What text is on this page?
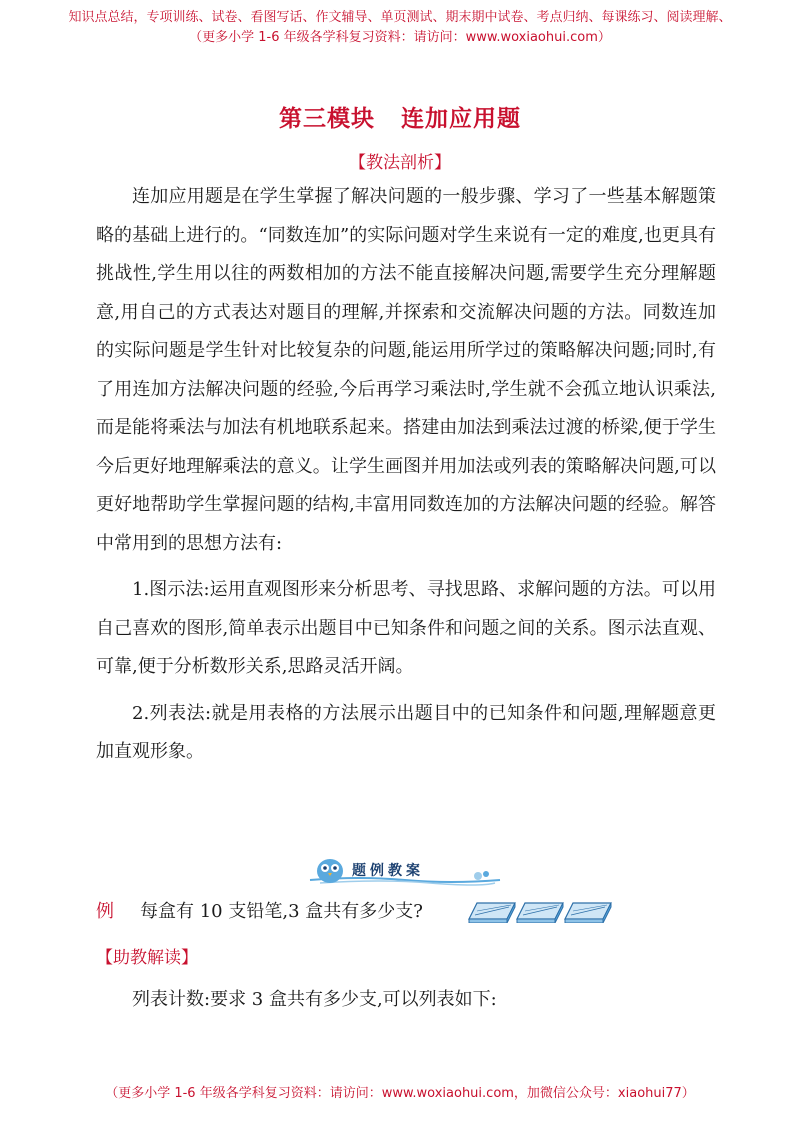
知识点总结，专项训练、试卷、看图写话、作文辅导、单页测试、期末期中试卷、考点归纳、每课练习、阅读理解、
（更多小学 1-6 年级各学科复习资料：请访问：www.woxiaohui.com）
第三模块 连加应用题
【教法剖析】

连加应用题是在学生掌握了解决问题的一般步骤、学习了一些基本解题策略的基础上进行的。“同数连加”的实际问题对学生来说有一定的难度,也更具有挑战性,学生用以往的两数相加的方法不能直接解决问题,需要学生充分理解题意,用自己的方式表达对题目的理解,并探索和交流解决问题的方法。同数连加的实际问题是学生针对比较复杂的问题,能运用所学过的策略解决问题;同时,有了用连加方法解决问题的经验,今后再学习乘法时,学生就不会孤立地认识乘法,而是能将乘法与加法有机地联系起来。搭建由加法到乘法过渡的桥梁,便于学生今后更好地理解乘法的意义。让学生画图并用加法或列表的策略解决问题,可以更好地帮助学生掌握问题的结构,丰富用同数连加的方法解决问题的经验。解答中常用到的思想方法有:

1.图示法:运用直观图形来分析思考、寻找思路、求解问题的方法。可以用自己喜欢的图形,简单表示出题目中已知条件和问题之间的关系。图示法直观、可靠,便于分析数形关系,思路灵活开阔。

2.列表法:就是用表格的方法展示出题目中的已知条件和问题,理解题意更加直观形象。

题例教案
例 每盒有 10 支铅笔,3 盒共有多少支?
【助教解读】
列表计数:要求 3 盒共有多少支,可以列表如下:
（更多小学 1-6 年级各学科复习资料：请访问：www.woxiaohui.com，加微信公众号：xiaohui77）
